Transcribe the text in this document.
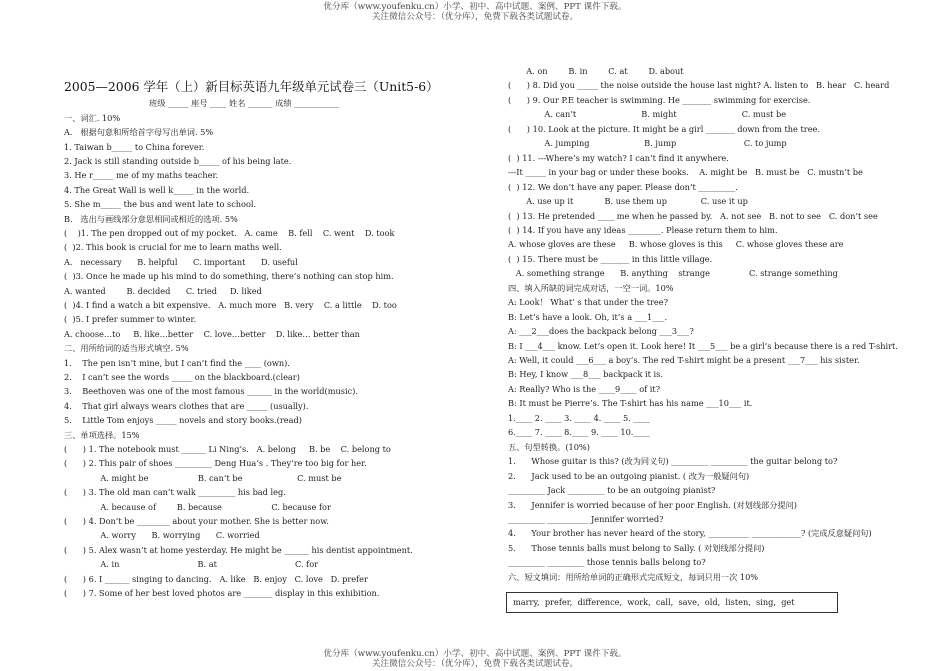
优分库（www.youfenku.cn）小学、初中、高中试题、案例、PPT 课件下载。
关注微信公众号：（优分库），免费下载各类试题试卷。
2005—2006 学年（上）新目标英语九年级单元试卷三（Unit5-6）
班级 _____ 座号 ____ 姓名 ______ 成绩 ___________
一、词汇. 10%
A.   根据句意和所给首字母写出单词. 5%
1. Taiwan b_____ to China forever.
2. Jack is still standing outside b_____ of his being late.
3. He r_____ me of my maths teacher.
4. The Great Wall is well k_____ in the world.
5. She m_____ the bus and went late to school.
B.   选出与画线部分意思相同或相近的选项. 5%
(    )1. The pen dropped out of my pocket.   A. came    B. fell    C. went    D. took
(  )2. This book is crucial for me to learn maths well.
A.   necessary      B. helpful      C. important      D. useful
(  )3. Once he made up his mind to do something, there’s nothing can stop him.
A. wanted        B. decided      C. tried     D. liked
(  )4. I find a watch a bit expensive.   A. much more   B. very    C. a little    D. too
(  )5. I prefer summer to winter.
A. choose…to     B. like…better    C. love…better    D. like… better than
二、用所给词的适当形式填空. 5%
1.    The pen isn’t mine, but I can’t find the ____ (own).
2.    I can’t see the words _____ on the blackboard.(clear)
3.    Beethoven was one of the most famous ______ in the world(music).
4.    That girl always wears clothes that are _____ (usually).
5.    Little Tom enjoys _____ novels and story books.(read)
三、单项选择。15%
(      ) 1. The notebook must ______ Li Ning’s.   A. belong     B. be    C. belong to
(      ) 2. This pair of shoes _________ Deng Hua’s . They’re too big for her.
A. might be                   B. can’t be                     C. must be
(      ) 3. The old man can’t walk _________ his bad leg.
A. because of        B. because                   C. because for
(      ) 4. Don’t be ________ about your mother. She is better now.
A. worry      B. worrying      C. worried
(      ) 5. Alex wasn’t at home yesterday. He might be ______ his dentist appointment.
A. in                              B. at                              C. for
(      ) 6. I ______ singing to dancing.   A. like   B. enjoy   C. love   D. prefer
(      ) 7. Some of her best loved photos are _______ display in this exhibition.
A. on        B. in        C. at        D. about
(      ) 8. Did you _____ the noise outside the house last night? A. listen to   B. hear   C. heard
(      ) 9. Our P.E teacher is swimming. He _______ swimming for exercise.
A. can’t                         B. might                         C. must be
(      ) 10. Look at the picture. It might be a girl _______ down from the tree.
A. jumping                     B. jump                          C. to jump
(  ) 11. ---Where’s my watch? I can’t find it anywhere.
---It _____ in your bag or under these books.    A. might be   B. must be   C. mustn’t be
(  ) 12. We don’t have any paper. Please don’t _________.
A. use up it            B. use them up             C. use it up
(  ) 13. He pretended ____ me when he passed by.   A. not see   B. not to see   C. don’t see
(  ) 14. If you have any ideas ________. Please return them to him.
A. whose gloves are these     B. whose gloves is this     C. whose gloves these are
(  ) 15. There must be _______ in this little village.
A. something strange      B. anything    strange               C. strange something
四、填入所缺的词完成对话，一空一词。10%
A: Look！ What’ s that under the tree?
B: Let’s have a look. Oh, it’s a ___1___.
A: ___2___does the backpack belong ___3___?
B: I ___4___ know. Let’s open it. Look here! It ___5___ be a girl’s because there is a red T-shirt.
A: Well, it could ___6___ a boy’s. The red T-shirt might be a present ___7___ his sister.
B: Hey, I know ___8___ backpack it is.
A: Really? Who is the ____9____ of it?
B: It must be Pierre’s. The T-shirt has his name ___10___ it.
1.____ 2. ____ 3. ____ 4. ____ 5. ____
6.____ 7. ____ 8.____ 9. ____ 10.____
五、句型转换。(10%)
1.      Whose guitar is this? (改为同义句) _________ _________ the guitar belong to?
2.      Jack used to be an outgoing pianist. ( 改为一般疑问句)
_________ Jack _________ to be an outgoing pianist?
3.      Jennifer is worried because of her poor English. (对划线部分提问)
_________ __________ Jennifer worried?
4.      Your brother has never heard of the story, __________ ____________? (完成反意疑问句)
5.      Those tennis balls must belong to Sally. ( 对划线部分提问)
_________ _________ those tennis balls belong to?
六、短文填词：用所给单词的正确形式完成短文，每词只用一次 10%
marry,  prefer,  difference,  work,  call,  save,  old,  listen,  sing,  get
优分库（www.youfenku.cn）小学、初中、高中试题、案例、PPT 课件下载。
关注微信公众号：（优分库），免费下载各类试题试卷。
